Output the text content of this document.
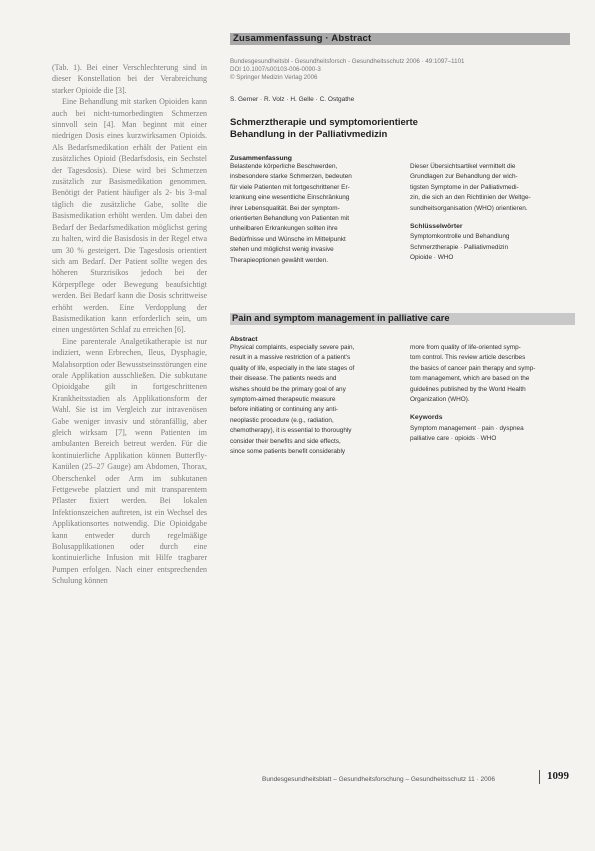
Zusammenfassung · Abstract

(Tab. 1). Bei einer Verschlechterung sind in dieser Konstellation bei der Verabreichung starker Opioide die [3].

Eine Behandlung mit starken Opioiden kann auch bei nicht-tumorbedingten Schmerzen sinnvoll sein [4]. Man beginnt mit einer niedrigen Dosis eines kurzwirksamen Opioids. Als Bedarfsmedikation erhält der Patient ein zusätzliches Opioid (Bedarfsdosis, ein Sechstel der Tagesdosis). Diese wird bei Schmerzen zusätzlich zur Basismedikation genommen. Benötigt der Patient häufiger als 2- bis 3-mal täglich die zusätzliche Gabe, sollte die Basismedikation erhöht werden. Um dabei den Bedarf der Bedarfsmedikation möglichst gering zu halten, wird die Basisdosis in der Regel etwa um 30 % gesteigert. Die Tagesdosis orientiert sich am Bedarf. Der Patient sollte wegen des höheren Sturzrisikos jedoch bei der Körperpflege oder Bewegung beaufsichtigt werden. Bei Bedarf kann die Dosis schrittweise erhöht werden. Eine Verdopplung der Basismedikation kann erforderlich sein, um einen ungestörten Schlaf zu erreichen [6].

Eine parenterale Analgetikatherapie ist nur indiziert, wenn Erbrechen, Ileus, Dysphagie, Malabsorption oder Bewusstseinsstörungen eine orale Applikation ausschließen. Die subkutane Opioidgabe gilt in fortgeschrittenen Krankheitsstadien als Applikationsform der Wahl. Sie ist im Vergleich zur intravenösen Gabe weniger invasiv und störanfällig, aber gleich wirksam [7], wenn Patienten im ambulanten Bereich betreut werden. Für die kontinuierliche Applikation können Butterfly-Kanülen (25–27 Gauge) am Abdomen, Thorax, Oberschenkel oder Arm im subkutanen Fettgewebe platziert und mit transparentem Pflaster fixiert werden. Bei lokalen Infektionszeichen auftreten, ist ein Wechsel des Applikationsortes notwendig. Die Opioidgabe kann entweder durch regelmäßige Bolusapplikationen oder durch eine kontinuierliche Infusion mit Hilfe tragbarer Pumpen erfolgen. Nach einer entsprechenden Schulung können

Bundesgesundheitsbl - Gesundheitsforsch - Gesundheitsschutz 2006 · 49:1097–1101
DOI 10.1007/s00103-006-0090-3
© Springer Medizin Verlag 2006
S. Gerner · R. Volz · H. Gelle · C. Ostgathe
Schmerztherapie und symptomorientierte Behandlung in der Palliativmedizin
Zusammenfassung
Belastende körperliche Beschwerden,
insbesondere starke Schmerzen, bedeuten
für viele Patienten mit fortgeschrittener Er-
krankung eine wesentliche Einschränkung
ihrer Lebensqualität. Bei der symptom-
orientierten Behandlung von Patienten mit
unheilbaren Erkrankungen sollten ihre
Bedürfnisse und Wünsche im Mittelpunkt
stehen und möglichst wenig invasive
Therapieoptionen gewählt werden.
Dieser Übersichtsartikel vermittelt die
Grundlagen zur Behandlung der wich-
tigsten Symptome in der Palliativmedi-
zin, die sich an den Richtlinien der Weltge-
sundheitsorganisation (WHO) orientieren.
Schlüsselwörter
Symptomkontrolle und Behandlung
Schmerztherapie · Palliativmedizin
Opioide · WHO
Pain and symptom management in palliative care
Abstract
Physical complaints, especially severe pain,
result in a massive restriction of a patient's
quality of life, especially in the late stages of
their disease. The patients needs and
wishes should be the primary goal of any
symptom-aimed therapeutic measure
before initiating or continuing any anti-
neoplastic procedure (e.g., radiation,
chemotherapy), it is essential to thoroughly
consider their benefits and side effects,
since some patients benefit considerably
more from quality of life-oriented symp-
tom control. This review article describes
the basics of cancer pain therapy and symp-
tom management, which are based on the
guidelines published by the World Health
Organization (WHO).
Keywords
Symptom management · pain · dyspnea
palliative care · opioids · WHO
Bundesgesundheitsblatt – Gesundheitsforschung – Gesundheitsschutz 11 · 2006	1099
